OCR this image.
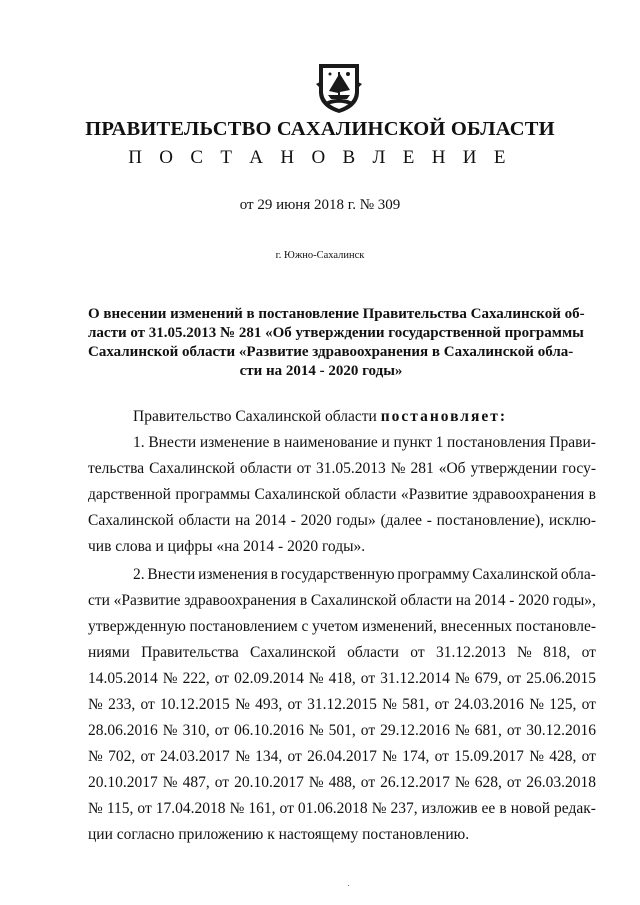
ПРАВИТЕЛЬСТВО САХАЛИНСКОЙ ОБЛАСТИ
П О С Т А Н О В Л Е Н И Е
от 29 июня 2018 г. № 309
г. Южно-Сахалинск
О внесении изменений в постановление Правительства Сахалинской об-
ласти от 31.05.2013 № 281 «Об утверждении государственной программы
Сахалинской области «Развитие здравоохранения в Сахалинской обла-
сти на 2014 - 2020 годы»
Правительство Сахалинской области
постановляет:
1. Внести изменение в наименование и пункт 1 постановления Прави-
тельства Сахалинской области от 31.05.2013 № 281 «Об утверждении госу-
дарственной программы Сахалинской области «Развитие здравоохранения в
Сахалинской области на 2014 - 2020 годы» (далее - постановление), исклю-
чив слова и цифры «на 2014 - 2020 годы».
2. Внести изменения в государственную программу Сахалинской обла-
сти «Развитие здравоохранения в Сахалинской области на 2014 - 2020 годы»,
утвержденную постановлением с учетом изменений, внесенных постановле-
ниями Правительства Сахалинской области от 31.12.2013 № 818, от
14.05.2014 № 222, от 02.09.2014 № 418, от 31.12.2014 № 679, от 25.06.2015
№ 233, от 10.12.2015 № 493, от 31.12.2015 № 581, от 24.03.2016 № 125, от
28.06.2016 № 310, от 06.10.2016 № 501, от 29.12.2016 № 681, от 30.12.2016
№ 702, от 24.03.2017 № 134, от 26.04.2017 № 174, от 15.09.2017 № 428, от
20.10.2017 № 487, от 20.10.2017 № 488, от 26.12.2017 № 628, от 26.03.2018
№ 115, от 17.04.2018 № 161, от 01.06.2018 № 237, изложив ее в новой редак-
ции согласно приложению к настоящему постановлению.
